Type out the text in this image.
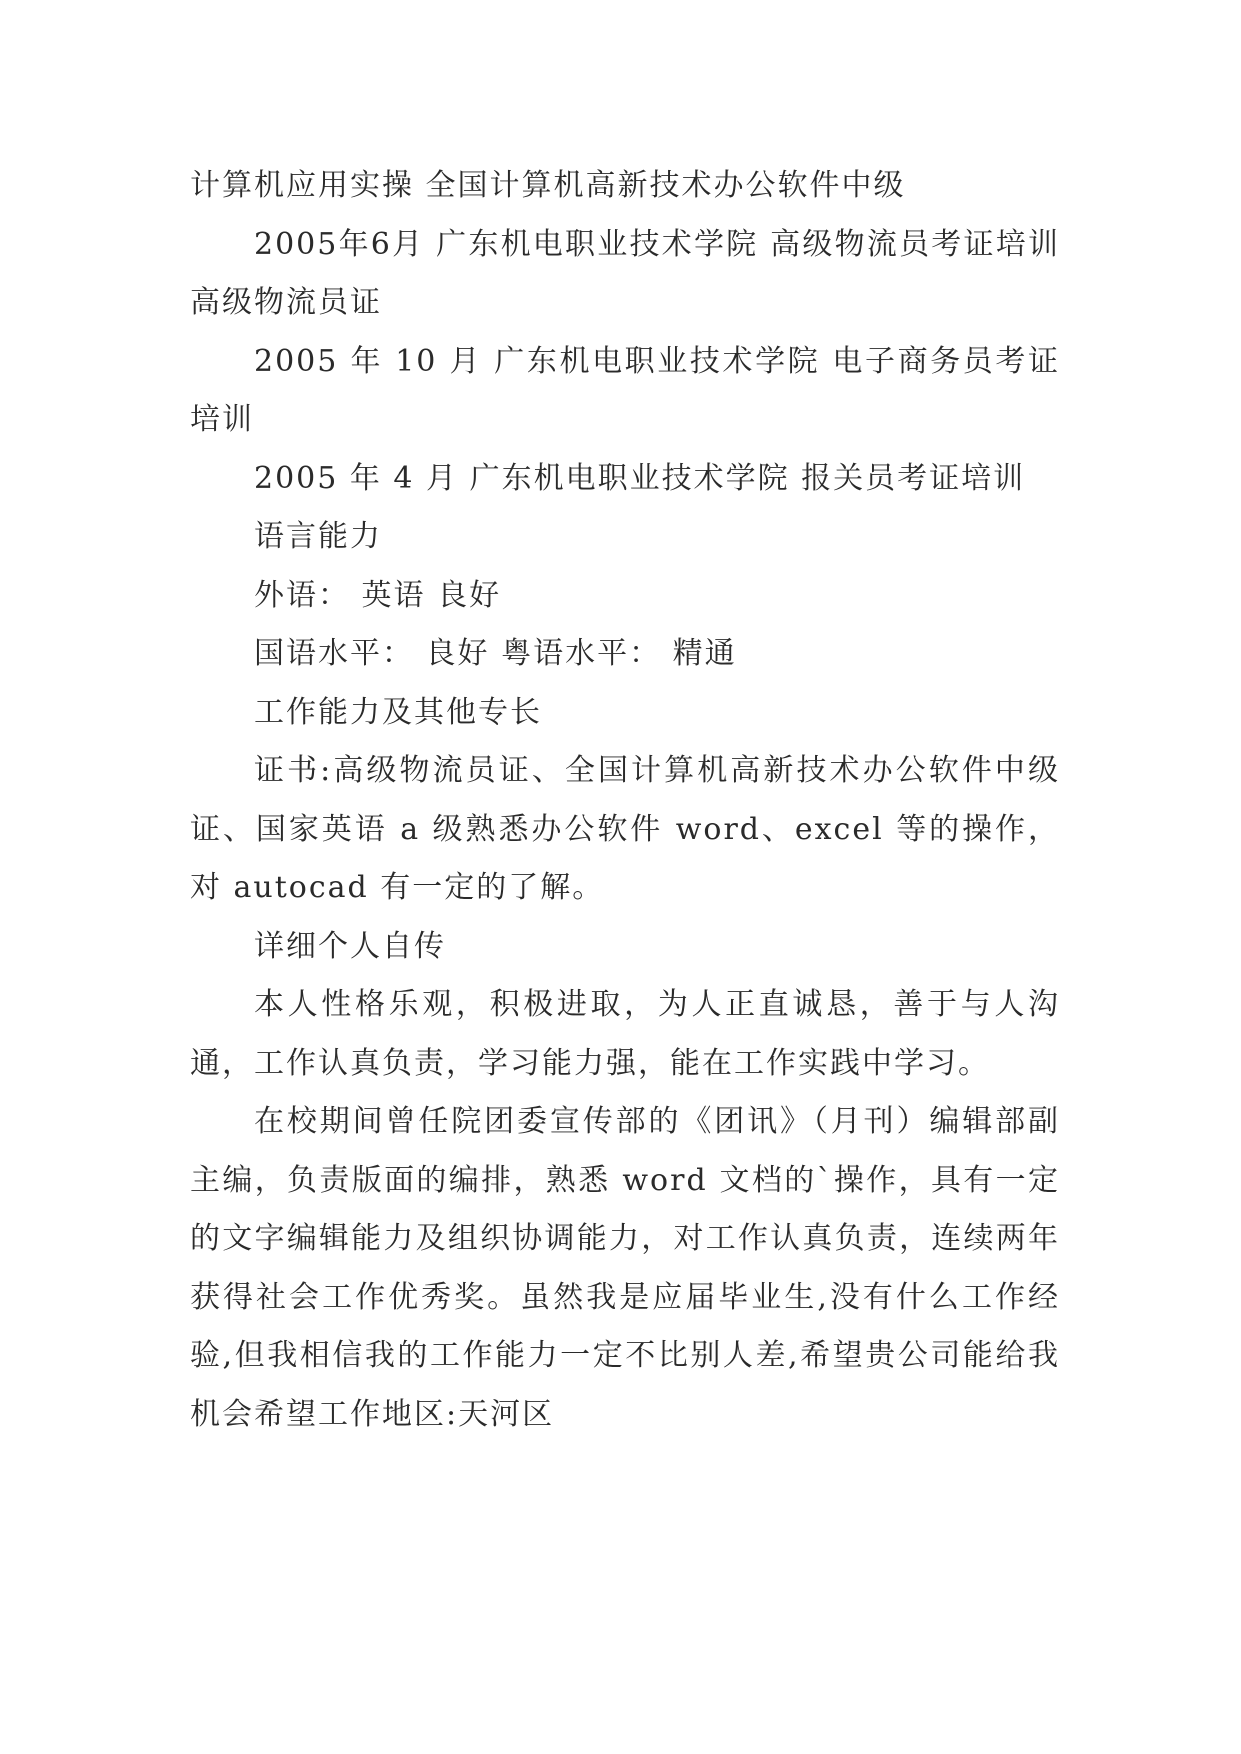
计算机应用实操 全国计算机高新技术办公软件中级

2005年6月 广东机电职业技术学院 高级物流员考证培训 高级物流员证

2005 年 10 月 广东机电职业技术学院 电子商务员考证培训

2005 年 4 月 广东机电职业技术学院 报关员考证培训

语言能力

外语： 英语 良好

国语水平： 良好 粤语水平： 精通

工作能力及其他专长

证书:高级物流员证、全国计算机高新技术办公软件中级证、国家英语 a 级熟悉办公软件 word、excel 等的操作，对 autocad 有一定的了解。

详细个人自传

本人性格乐观，积极进取，为人正直诚恳，善于与人沟通，工作认真负责，学习能力强，能在工作实践中学习。

在校期间曾任院团委宣传部的《团讯》（月刊）编辑部副主编，负责版面的编排，熟悉 word 文档的`操作，具有一定的文字编辑能力及组织协调能力，对工作认真负责，连续两年获得社会工作优秀奖。虽然我是应届毕业生,没有什么工作经验,但我相信我的工作能力一定不比别人差,希望贵公司能给我机会希望工作地区:天河区
